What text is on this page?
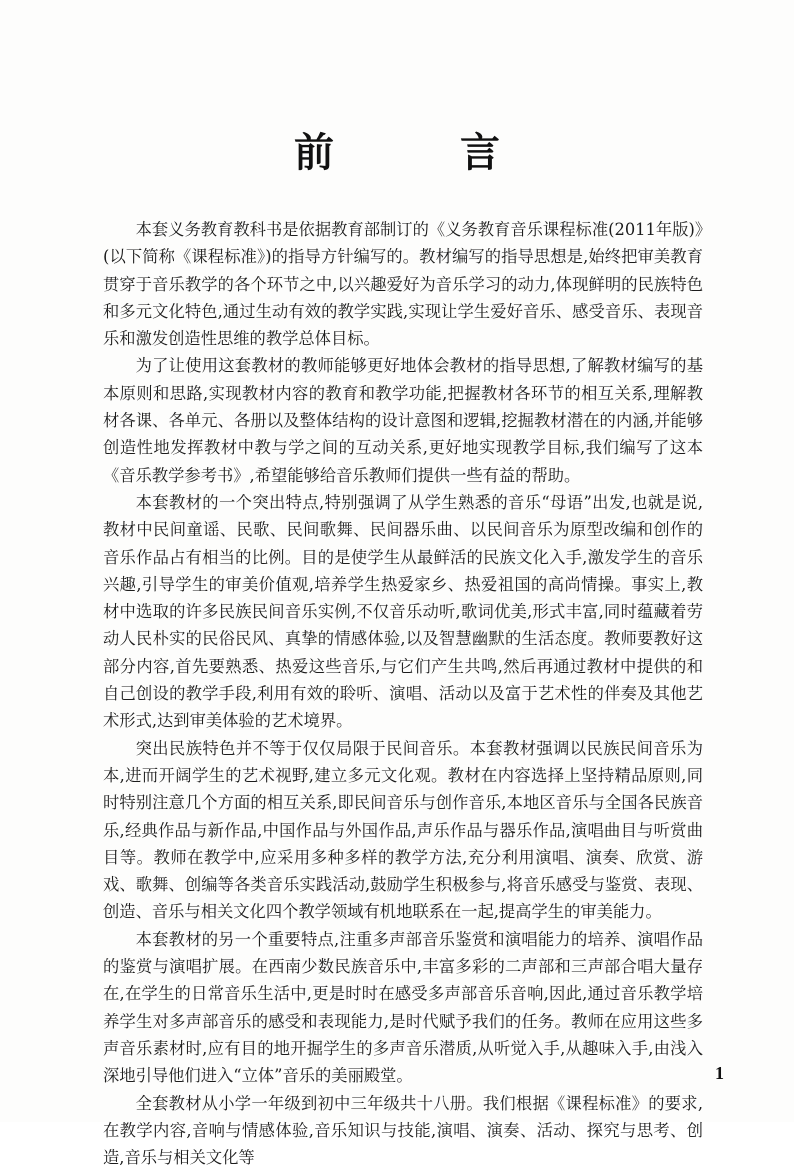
前 言

本套义务教育教科书是依据教育部制订的《义务教育音乐课程标准(2011年版)》(以下简称《课程标准》)的指导方针编写的。教材编写的指导思想是,始终把审美教育贯穿于音乐教学的各个环节之中,以兴趣爱好为音乐学习的动力,体现鲜明的民族特色和多元文化特色,通过生动有效的教学实践,实现让学生爱好音乐、感受音乐、表现音乐和激发创造性思维的教学总体目标。

为了让使用这套教材的教师能够更好地体会教材的指导思想,了解教材编写的基本原则和思路,实现教材内容的教育和教学功能,把握教材各环节的相互关系,理解教材各课、各单元、各册以及整体结构的设计意图和逻辑,挖掘教材潜在的内涵,并能够创造性地发挥教材中教与学之间的互动关系,更好地实现教学目标,我们编写了这本《音乐教学参考书》,希望能够给音乐教师们提供一些有益的帮助。

本套教材的一个突出特点,特别强调了从学生熟悉的音乐“母语”出发,也就是说,教材中民间童谣、民歌、民间歌舞、民间器乐曲、以民间音乐为原型改编和创作的音乐作品占有相当的比例。目的是使学生从最鲜活的民族文化入手,激发学生的音乐兴趣,引导学生的审美价值观,培养学生热爱家乡、热爱祖国的高尚情操。事实上,教材中选取的许多民族民间音乐实例,不仅音乐动听,歌词优美,形式丰富,同时蕴藏着劳动人民朴实的民俗民风、真挚的情感体验,以及智慧幽默的生活态度。教师要教好这部分内容,首先要熟悉、热爱这些音乐,与它们产生共鸣,然后再通过教材中提供的和自己创设的教学手段,利用有效的聆听、演唱、活动以及富于艺术性的伴奏及其他艺术形式,达到审美体验的艺术境界。

突出民族特色并不等于仅仅局限于民间音乐。本套教材强调以民族民间音乐为本,进而开阔学生的艺术视野,建立多元文化观。教材在内容选择上坚持精品原则,同时特别注意几个方面的相互关系,即民间音乐与创作音乐,本地区音乐与全国各民族音乐,经典作品与新作品,中国作品与外国作品,声乐作品与器乐作品,演唱曲目与听赏曲目等。教师在教学中,应采用多种多样的教学方法,充分利用演唱、演奏、欣赏、游戏、歌舞、创编等各类音乐实践活动,鼓励学生积极参与,将音乐感受与鉴赏、表现、创造、音乐与相关文化四个教学领域有机地联系在一起,提高学生的审美能力。

本套教材的另一个重要特点,注重多声部音乐鉴赏和演唱能力的培养、演唱作品的鉴赏与演唱扩展。在西南少数民族音乐中,丰富多彩的二声部和三声部合唱大量存在,在学生的日常音乐生活中,更是时时在感受多声部音乐音响,因此,通过音乐教学培养学生对多声部音乐的感受和表现能力,是时代赋予我们的任务。教师在应用这些多声音乐素材时,应有目的地开掘学生的多声音乐潜质,从听觉入手,从趣味入手,由浅入深地引导他们进入“立体”音乐的美丽殿堂。

全套教材从小学一年级到初中三年级共十八册。我们根据《课程标准》的要求,在教学内容,音响与情感体验,音乐知识与技能,演唱、演奏、活动、探究与思考、创造,音乐与相关文化等

1
